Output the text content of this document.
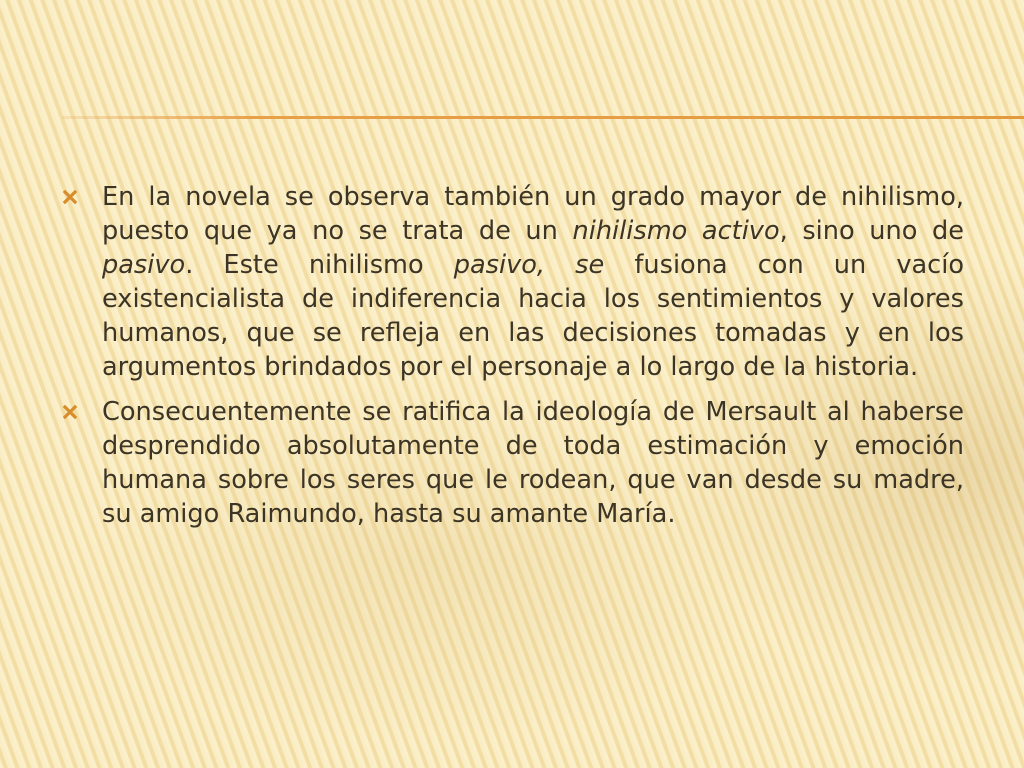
En la novela se observa también un grado mayor de nihilismo, puesto que ya no se trata de un nihilismo activo, sino uno de pasivo. Este nihilismo pasivo, se fusiona con un vacío existencialista de indiferencia hacia los sentimientos y valores humanos, que se refleja en las decisiones tomadas y en los argumentos brindados por el personaje a lo largo de la historia.

Consecuentemente se ratifica la ideología de Mersault al haberse desprendido absolutamente de toda estimación y emoción humana sobre los seres que le rodean, que van desde su madre, su amigo Raimundo, hasta su amante María.
